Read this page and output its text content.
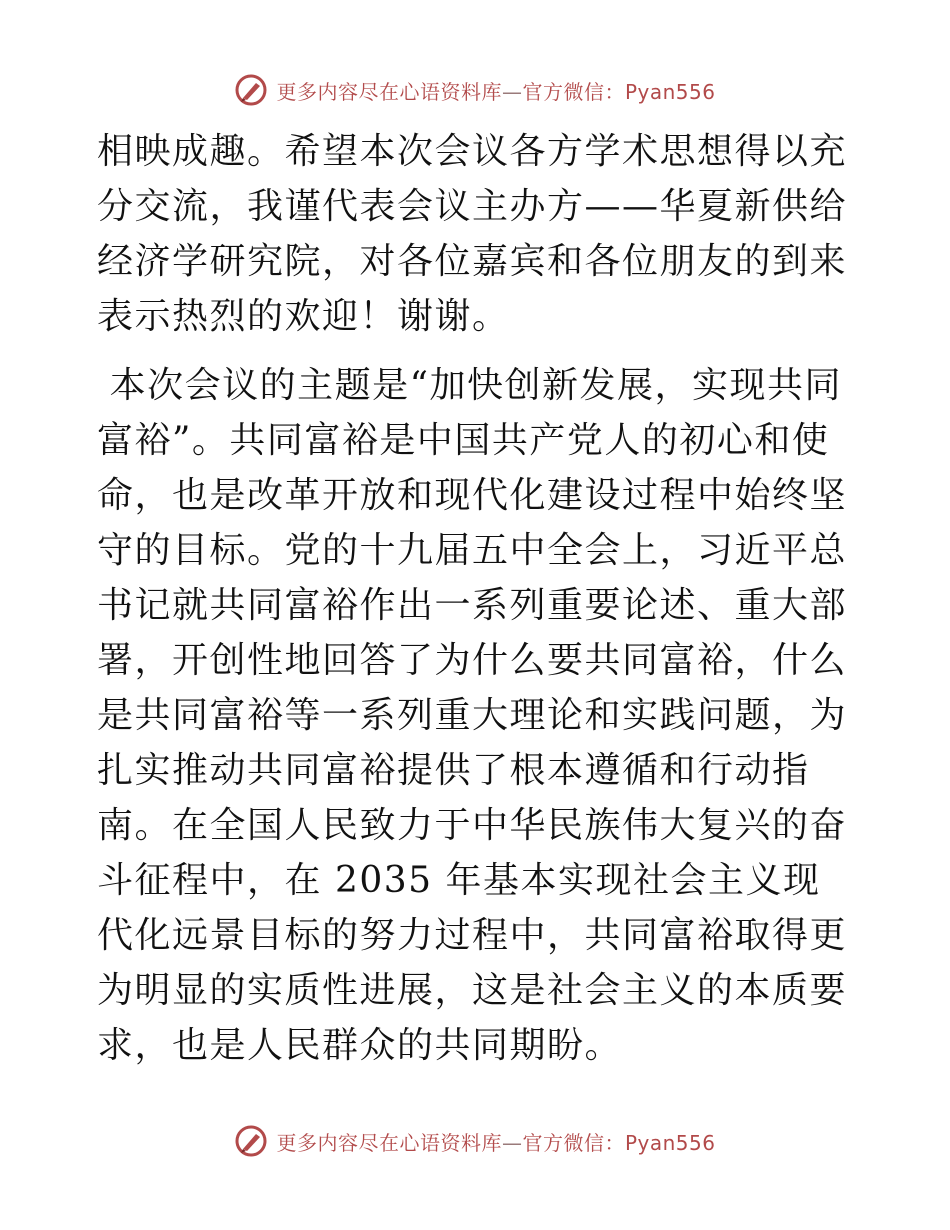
更多内容尽在心语资料库—官方微信：Pyan556

相映成趣。希望本次会议各方学术思想得以充分交流，我谨代表会议主办方——华夏新供给经济学研究院，对各位嘉宾和各位朋友的到来表示热烈的欢迎！谢谢。

本次会议的主题是“加快创新发展，实现共同富裕”。共同富裕是中国共产党人的初心和使命，也是改革开放和现代化建设过程中始终坚守的目标。党的十九届五中全会上，习近平总书记就共同富裕作出一系列重要论述、重大部署，开创性地回答了为什么要共同富裕，什么是共同富裕等一系列重大理论和实践问题，为扎实推动共同富裕提供了根本遵循和行动指南。在全国人民致力于中华民族伟大复兴的奋斗征程中，在 2035 年基本实现社会主义现代化远景目标的努力过程中，共同富裕取得更为明显的实质性进展，这是社会主义的本质要求，也是人民群众的共同期盼。

更多内容尽在心语资料库—官方微信：Pyan556
